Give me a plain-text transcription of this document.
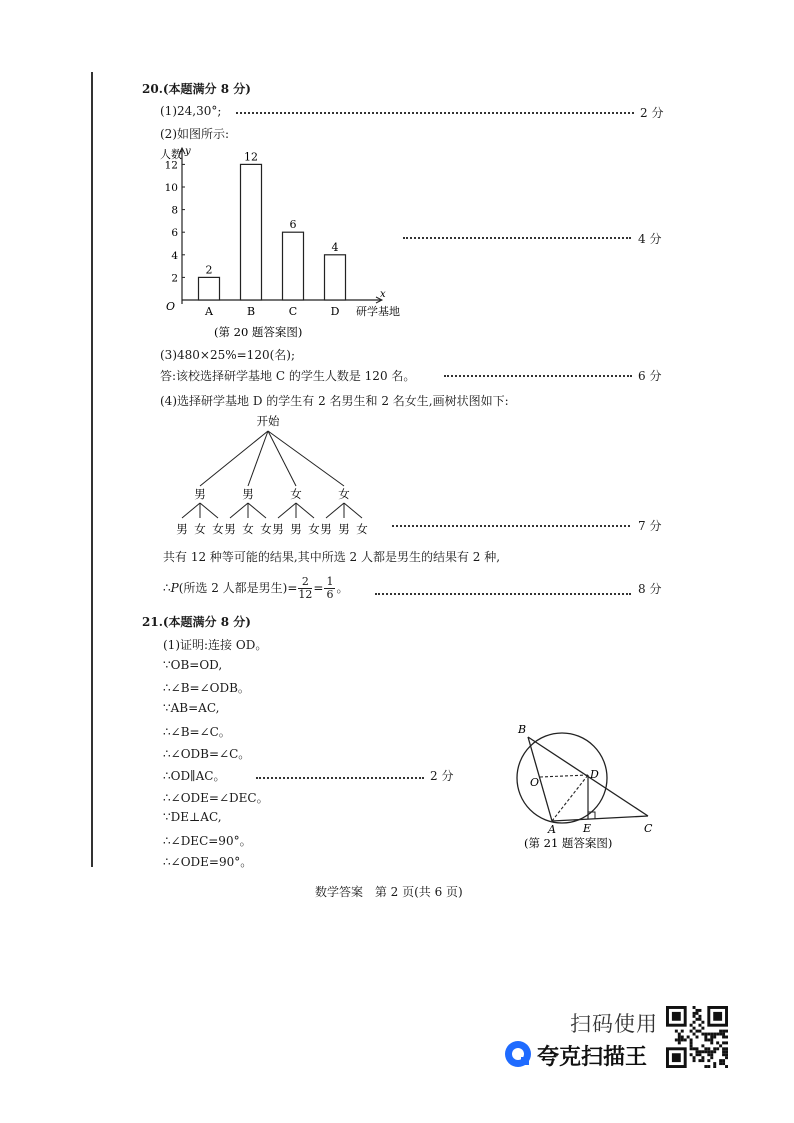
20.(本题满分 8 分)
(1)24,30°;	2 分
(2)如图所示:
人数 y
x
研学基地
O
2
4
6
8
10
12
2
A
12
B
6
C
4
D
(第 20 题答案图)
4 分
(3)480×25%=120(名);
答:该校选择研学基地 C 的学生人数是 120 名。	6 分
(4)选择研学基地 D 的学生有 2 名男生和 2 名女生,画树状图如下:
开始
男
男 女 女
男
男 女 女
女
男 男 女
女
男 男 女	7 分
共有 12 种等可能的结果,其中所选 2 人都是男生的结果有 2 种,
∴P(所选 2 人都是男生)= $\frac{2}{12} = \frac{1}{6}$ 。	8 分
21.(本题满分 8 分)
(1)证明:连接 OD。
∵OB=OD,
∴∠B=∠ODB。
∵AB=AC,
∴∠B=∠C。
∴∠ODB=∠C。
∴OD∥AC。
∴∠ODE=∠DEC。
∵DE⊥AC,
∴∠DEC=90°。
∴∠ODE=90°。
2 分
B
O
D
A E	C
(第 21 题答案图)
数学答案 第 2 页(共 6 页)
扫码使用
夸克扫描王
